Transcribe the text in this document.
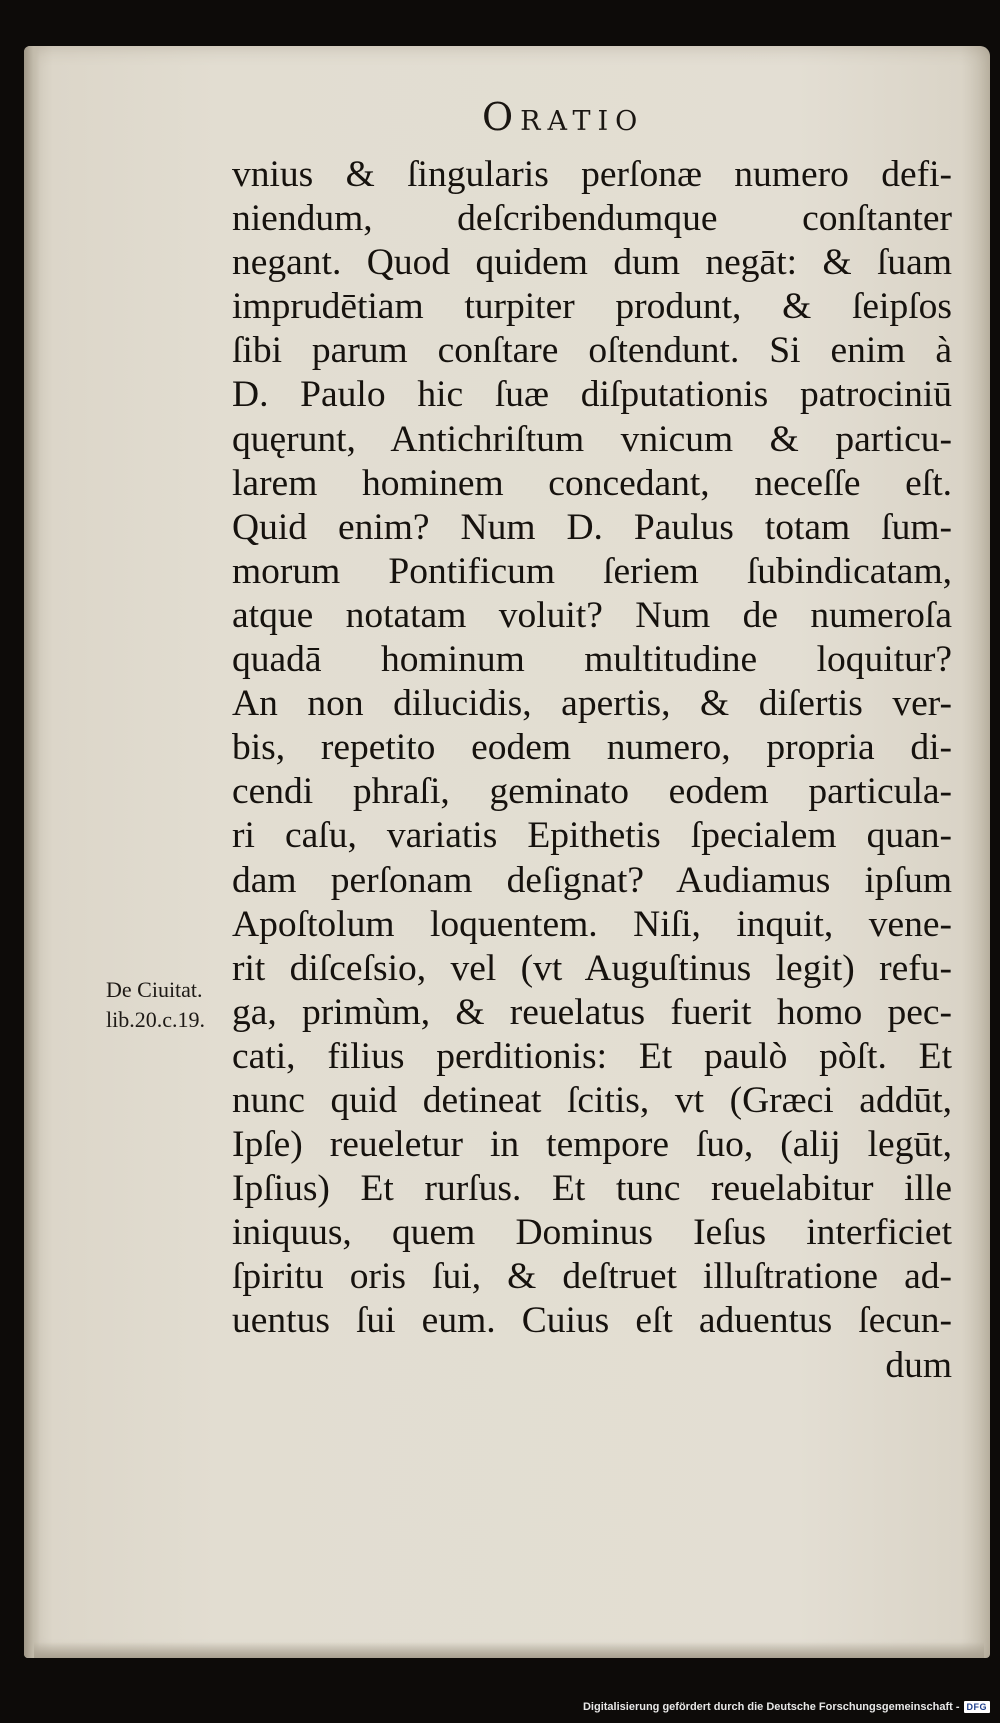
Oratio
vnius & ſingularis perſonæ numero defi-
niendum, deſcribendumque conſtanter
negant. Quod quidem dum negāt: & ſuam
imprudētiam turpiter produnt, & ſeipſos
ſibi parum conſtare oſtendunt. Si enim à
D. Paulo hic ſuæ diſputationis patrociniū
quęrunt, Antichriſtum vnicum & particu-
larem hominem concedant, neceſſe eſt.
Quid enim? Num D. Paulus totam ſum-
morum Pontificum ſeriem ſubindicatam,
atque notatam voluit? Num de numeroſa
quadā hominum multitudine loquitur?
An non dilucidis, apertis, & diſertis ver-
bis, repetito eodem numero, propria di-
cendi phraſi, geminato eodem particula-
ri caſu, variatis Epithetis ſpecialem quan-
dam perſonam deſignat? Audiamus ipſum
Apoſtolum loquentem. Niſi, inquit, vene-
rit diſceſsio, vel (vt Auguſtinus legit) refu-
ga, primùm, & reuelatus fuerit homo pec-
cati, filius perditionis: Et paulò pòſt. Et
nunc quid detineat ſcitis, vt (Græci addūt,
Ipſe) reueletur in tempore ſuo, (alij legūt,
Ipſius) Et rurſus. Et tunc reuelabitur ille
iniquus, quem Dominus Ieſus interficiet
ſpiritu oris ſui, & deſtruet illuſtratione ad-
uentus ſui eum. Cuius eſt aduentus ſecun-
dum
De Ciuitat.
lib.20.c.19.
Digitalisierung gefördert durch die Deutsche Forschungsgemeinschaft - DFG
